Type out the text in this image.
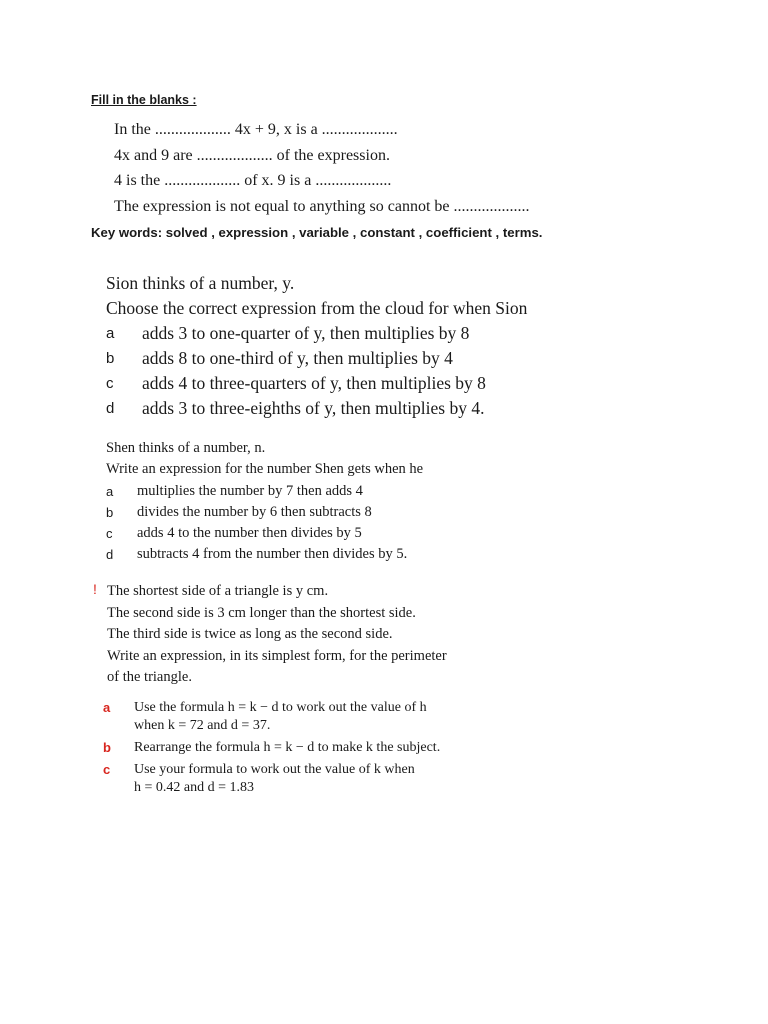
Fill in the blanks :
In the ................... 4x + 9, x is a ...................
4x and 9 are ................... of the expression.
4 is the ................... of x. 9 is a ...................
The expression is not equal to anything so cannot be ...................
Key words: solved , expression , variable , constant , coefficient , terms.
Sion thinks of a number, y.
Choose the correct expression from the cloud for when Sion
a	adds 3 to one-quarter of y, then multiplies by 8
b	adds 8 to one-third of y, then multiplies by 4
c	adds 4 to three-quarters of y, then multiplies by 8
d	adds 3 to three-eighths of y, then multiplies by 4.
Shen thinks of a number, n.
Write an expression for the number Shen gets when he
a	multiplies the number by 7 then adds 4
b	divides the number by 6 then subtracts 8
c	adds 4 to the number then divides by 5
d	subtracts 4 from the number then divides by 5.
! The shortest side of a triangle is y cm.
The second side is 3 cm longer than the shortest side.
The third side is twice as long as the second side.
Write an expression, in its simplest form, for the perimeter
of the triangle.
a	Use the formula h = k − d to work out the value of h
when k = 72 and d = 37.
b	Rearrange the formula h = k − d to make k the subject.
c	Use your formula to work out the value of k when
h = 0.42 and d = 1.83
